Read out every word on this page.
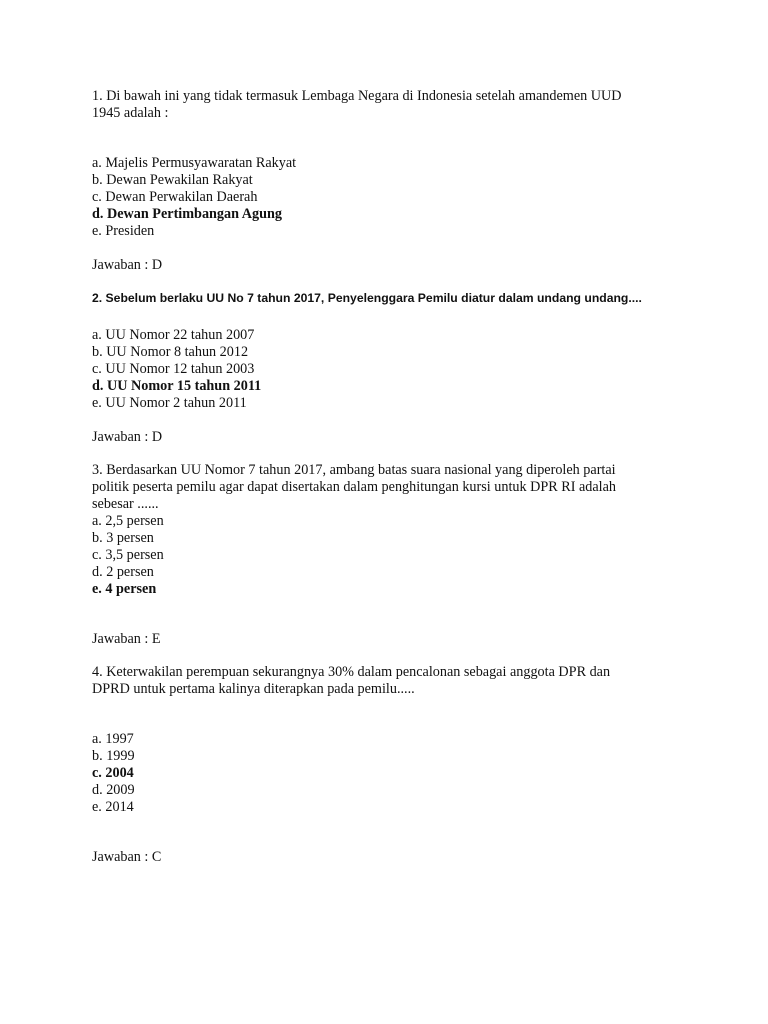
1. Di bawah ini yang tidak termasuk Lembaga Negara di Indonesia setelah amandemen UUD
1945 adalah :
a. Majelis Permusyawaratan Rakyat
b. Dewan Pewakilan Rakyat
c. Dewan Perwakilan Daerah
d. Dewan Pertimbangan Agung
e. Presiden
Jawaban : D
2. Sebelum berlaku UU No 7 tahun 2017, Penyelenggara Pemilu diatur dalam undang undang....
a. UU Nomor 22 tahun 2007
b. UU Nomor 8 tahun 2012
c. UU Nomor 12 tahun 2003
d. UU Nomor 15 tahun 2011
e. UU Nomor 2 tahun 2011
Jawaban : D
3. Berdasarkan UU Nomor 7 tahun 2017, ambang batas suara nasional yang diperoleh partai
politik peserta pemilu agar dapat disertakan dalam penghitungan kursi untuk DPR RI adalah
sebesar ......
a. 2,5 persen
b. 3 persen
c. 3,5 persen
d. 2 persen
e. 4 persen
Jawaban : E
4. Keterwakilan perempuan sekurangnya 30% dalam pencalonan sebagai anggota DPR dan
DPRD untuk pertama kalinya diterapkan pada pemilu.....
a. 1997
b. 1999
c. 2004
d. 2009
e. 2014
Jawaban : C
